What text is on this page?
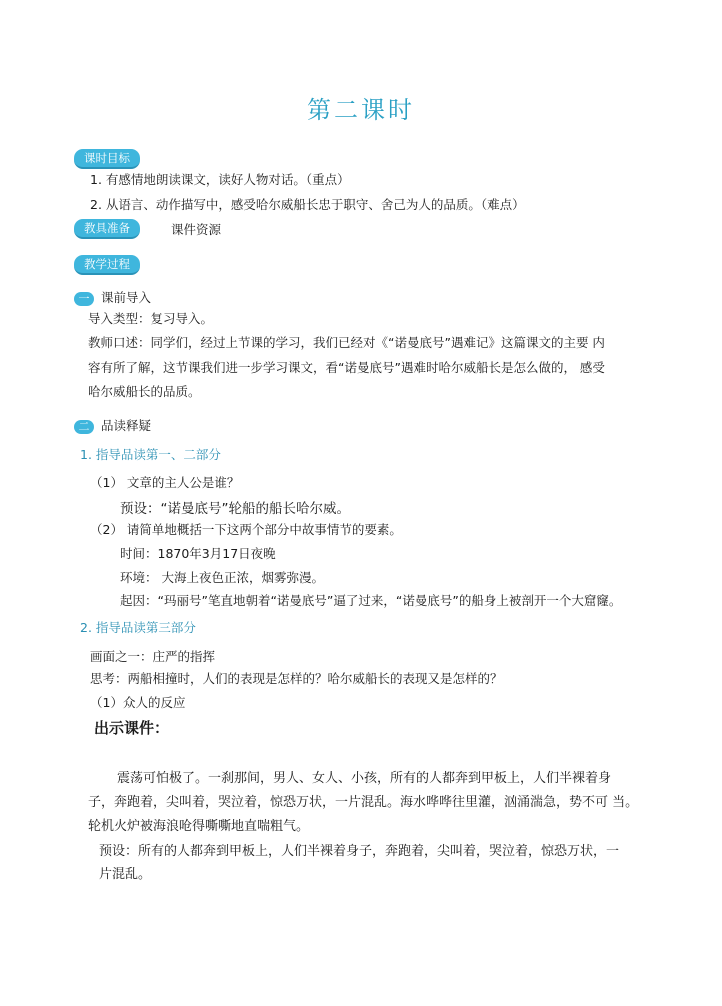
第二课时
课时目标
1. 有感情地朗读课文，读好人物对话。（重点）
2. 从语言、动作描写中，感受哈尔威船长忠于职守、舍己为人的品质。（难点）
教具准备	课件资源
教学过程
一 课前导入
导入类型：复习导入。
教师口述：同学们，经过上节课的学习，我们已经对《“诺曼底号”遇难记》这篇课文的主要 内
容有所了解，这节课我们进一步学习课文，看“诺曼底号”遇难时哈尔威船长是怎么做的， 感受
哈尔威船长的品质。
二 品读释疑
1. 指导品读第一、二部分
（1） 文章的主人公是谁？
预设：“诺曼底号”轮船的船长哈尔威。
（2） 请简单地概括一下这两个部分中故事情节的要素。
时间：1870年3月17日夜晚
环境： 大海上夜色正浓，烟雾弥漫。
起因：“玛丽号”笔直地朝着“诺曼底号”逼了过来，“诺曼底号”的船身上被剖开一个大窟窿。
2. 指导品读第三部分
画面之一：庄严的指挥
思考：两船相撞时，人们的表现是怎样的？哈尔威船长的表现又是怎样的？
（1）众人的反应
出示课件：
震荡可怕极了。一刹那间，男人、女人、小孩，所有的人都奔到甲板上，人们半裸着身
子，奔跑着，尖叫着，哭泣着，惊恐万状，一片混乱。海水哗哗往里灌，汹涌湍急，势不可 当。
轮机火炉被海浪呛得嘶嘶地直喘粗气。
预设：所有的人都奔到甲板上，人们半裸着身子，奔跑着，尖叫着，哭泣着，惊恐万状，一
片混乱。
